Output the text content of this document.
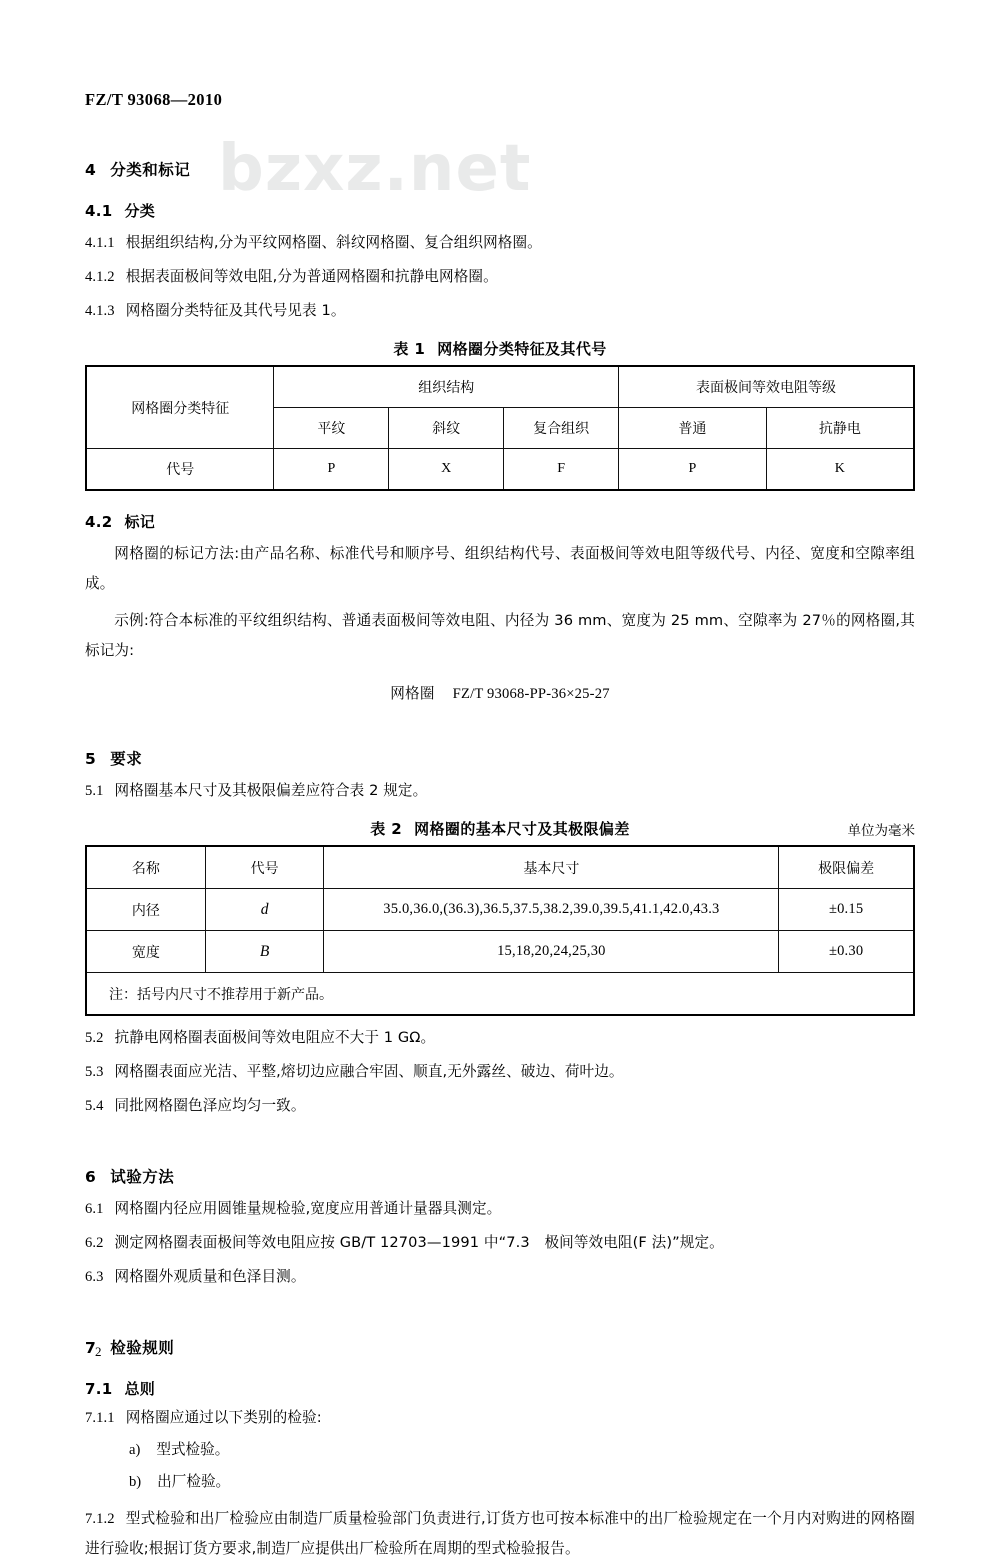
bzxz.net
FZ/T 93068—2010
4 分类和标记
4.1 分类
4.1.1 根据组织结构,分为平纹网格圈、斜纹网格圈、复合组织网格圈。
4.1.2 根据表面极间等效电阻,分为普通网格圈和抗静电网格圈。
4.1.3 网格圈分类特征及其代号见表 1。
表 1 网格圈分类特征及其代号
网格圈分类特征	组织结构			表面极间等效电阻等级	
	平纹	斜纹	复合组织	普通	抗静电
代号	P	X	F	P	K
4.2 标记
网格圈的标记方法:由产品名称、标准代号和顺序号、组织结构代号、表面极间等效电阻等级代号、内径、宽度和空隙率组成。
示例:符合本标准的平纹组织结构、普通表面极间等效电阻、内径为 36 mm、宽度为 25 mm、空隙率为 27％的网格圈,其标记为:
网格圈 FZ/T 93068-PP-36×25-27
5 要求
5.1 网格圈基本尺寸及其极限偏差应符合表 2 规定。
表 2 网格圈的基本尺寸及其极限偏差	单位为毫米
名称	代号	基本尺寸	极限偏差
内径	d	35.0,36.0,(36.3),36.5,37.5,38.2,39.0,39.5,41.1,42.0,43.3	±0.15
宽度	B	15,18,20,24,25,30	±0.30
注：括号内尺寸不推荐用于新产品。			
5.2 抗静电网格圈表面极间等效电阻应不大于 1 GΩ。
5.3 网格圈表面应光洁、平整,熔切边应融合牢固、顺直,无外露丝、破边、荷叶边。
5.4 同批网格圈色泽应均匀一致。
6 试验方法
6.1 网格圈内径应用圆锥量规检验,宽度应用普通计量器具测定。
6.2 测定网格圈表面极间等效电阻应按 GB/T 12703—1991 中“7.3　极间等效电阻(F 法)”规定。
6.3 网格圈外观质量和色泽目测。
7 检验规则
7.1 总则
7.1.1 网格圈应通过以下类别的检验:
a) 型式检验。
b) 出厂检验。
7.1.2 型式检验和出厂检验应由制造厂质量检验部门负责进行,订货方也可按本标准中的出厂检验规定在一个月内对购进的网格圈进行验收;根据订货方要求,制造厂应提供出厂检验所在周期的型式检验报告。
2
